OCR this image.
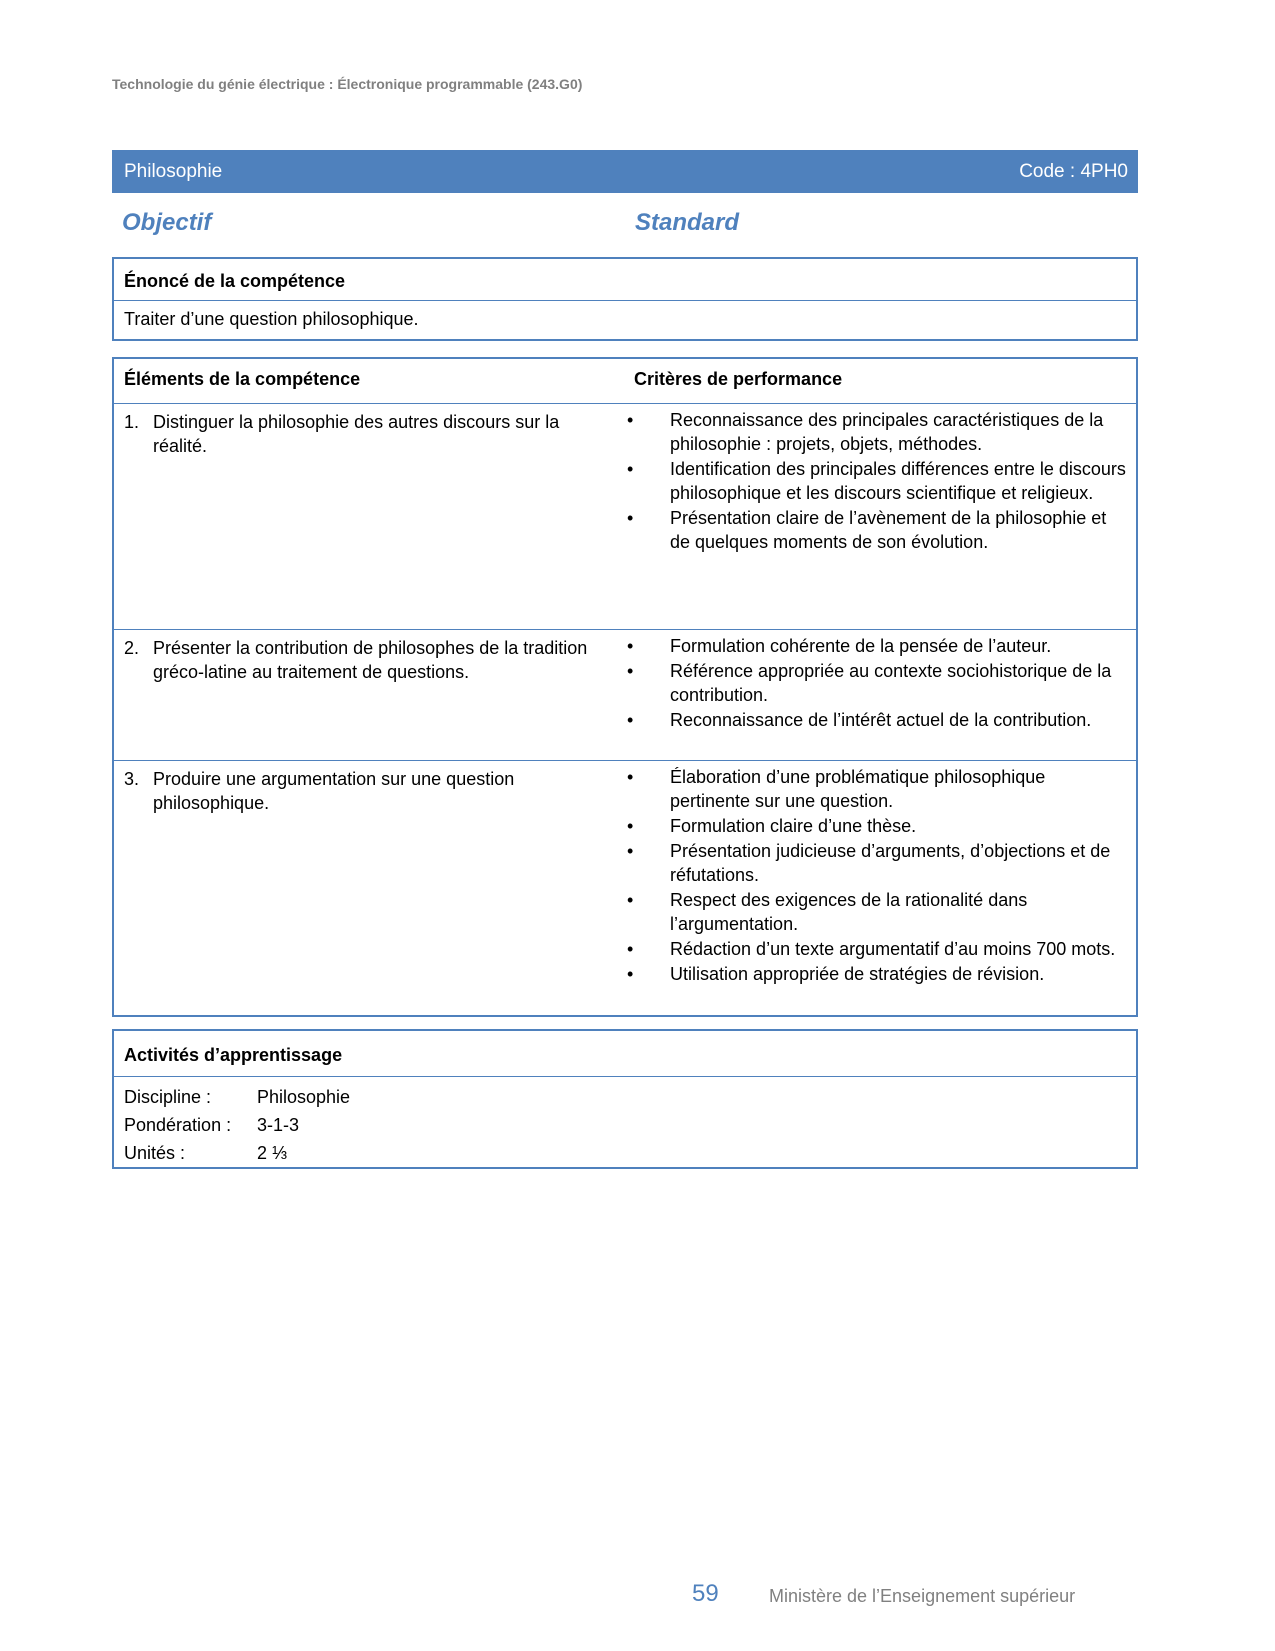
Technologie du génie électrique : Électronique programmable (243.G0)
Philosophie	Code : 4PH0
Objectif	Standard
Énoncé de la compétence
Traiter d’une question philosophique.
Éléments de la compétence	Critères de performance
1. Distinguer la philosophie des autres discours sur la réalité.
•	Reconnaissance des principales caractéristiques de la philosophie : projets, objets, méthodes.
•	Identification des principales différences entre le discours philosophique et les discours scientifique et religieux.
•	Présentation claire de l’avènement de la philosophie et de quelques moments de son évolution.
2. Présenter la contribution de philosophes de la tradition gréco-latine au traitement de questions.
•	Formulation cohérente de la pensée de l’auteur.
•	Référence appropriée au contexte sociohistorique de la contribution.
•	Reconnaissance de l’intérêt actuel de la contribution.
3. Produire une argumentation sur une question philosophique.
•	Élaboration d’une problématique philosophique pertinente sur une question.
•	Formulation claire d’une thèse.
•	Présentation judicieuse d’arguments, d’objections et de réfutations.
•	Respect des exigences de la rationalité dans l’argumentation.
•	Rédaction d’un texte argumentatif d’au moins 700 mots.
•	Utilisation appropriée de stratégies de révision.
Activités d’apprentissage
Discipline :	Philosophie
Pondération : 3-1-3
Unités :	2 ⅓
59	Ministère de l’Enseignement supérieur
